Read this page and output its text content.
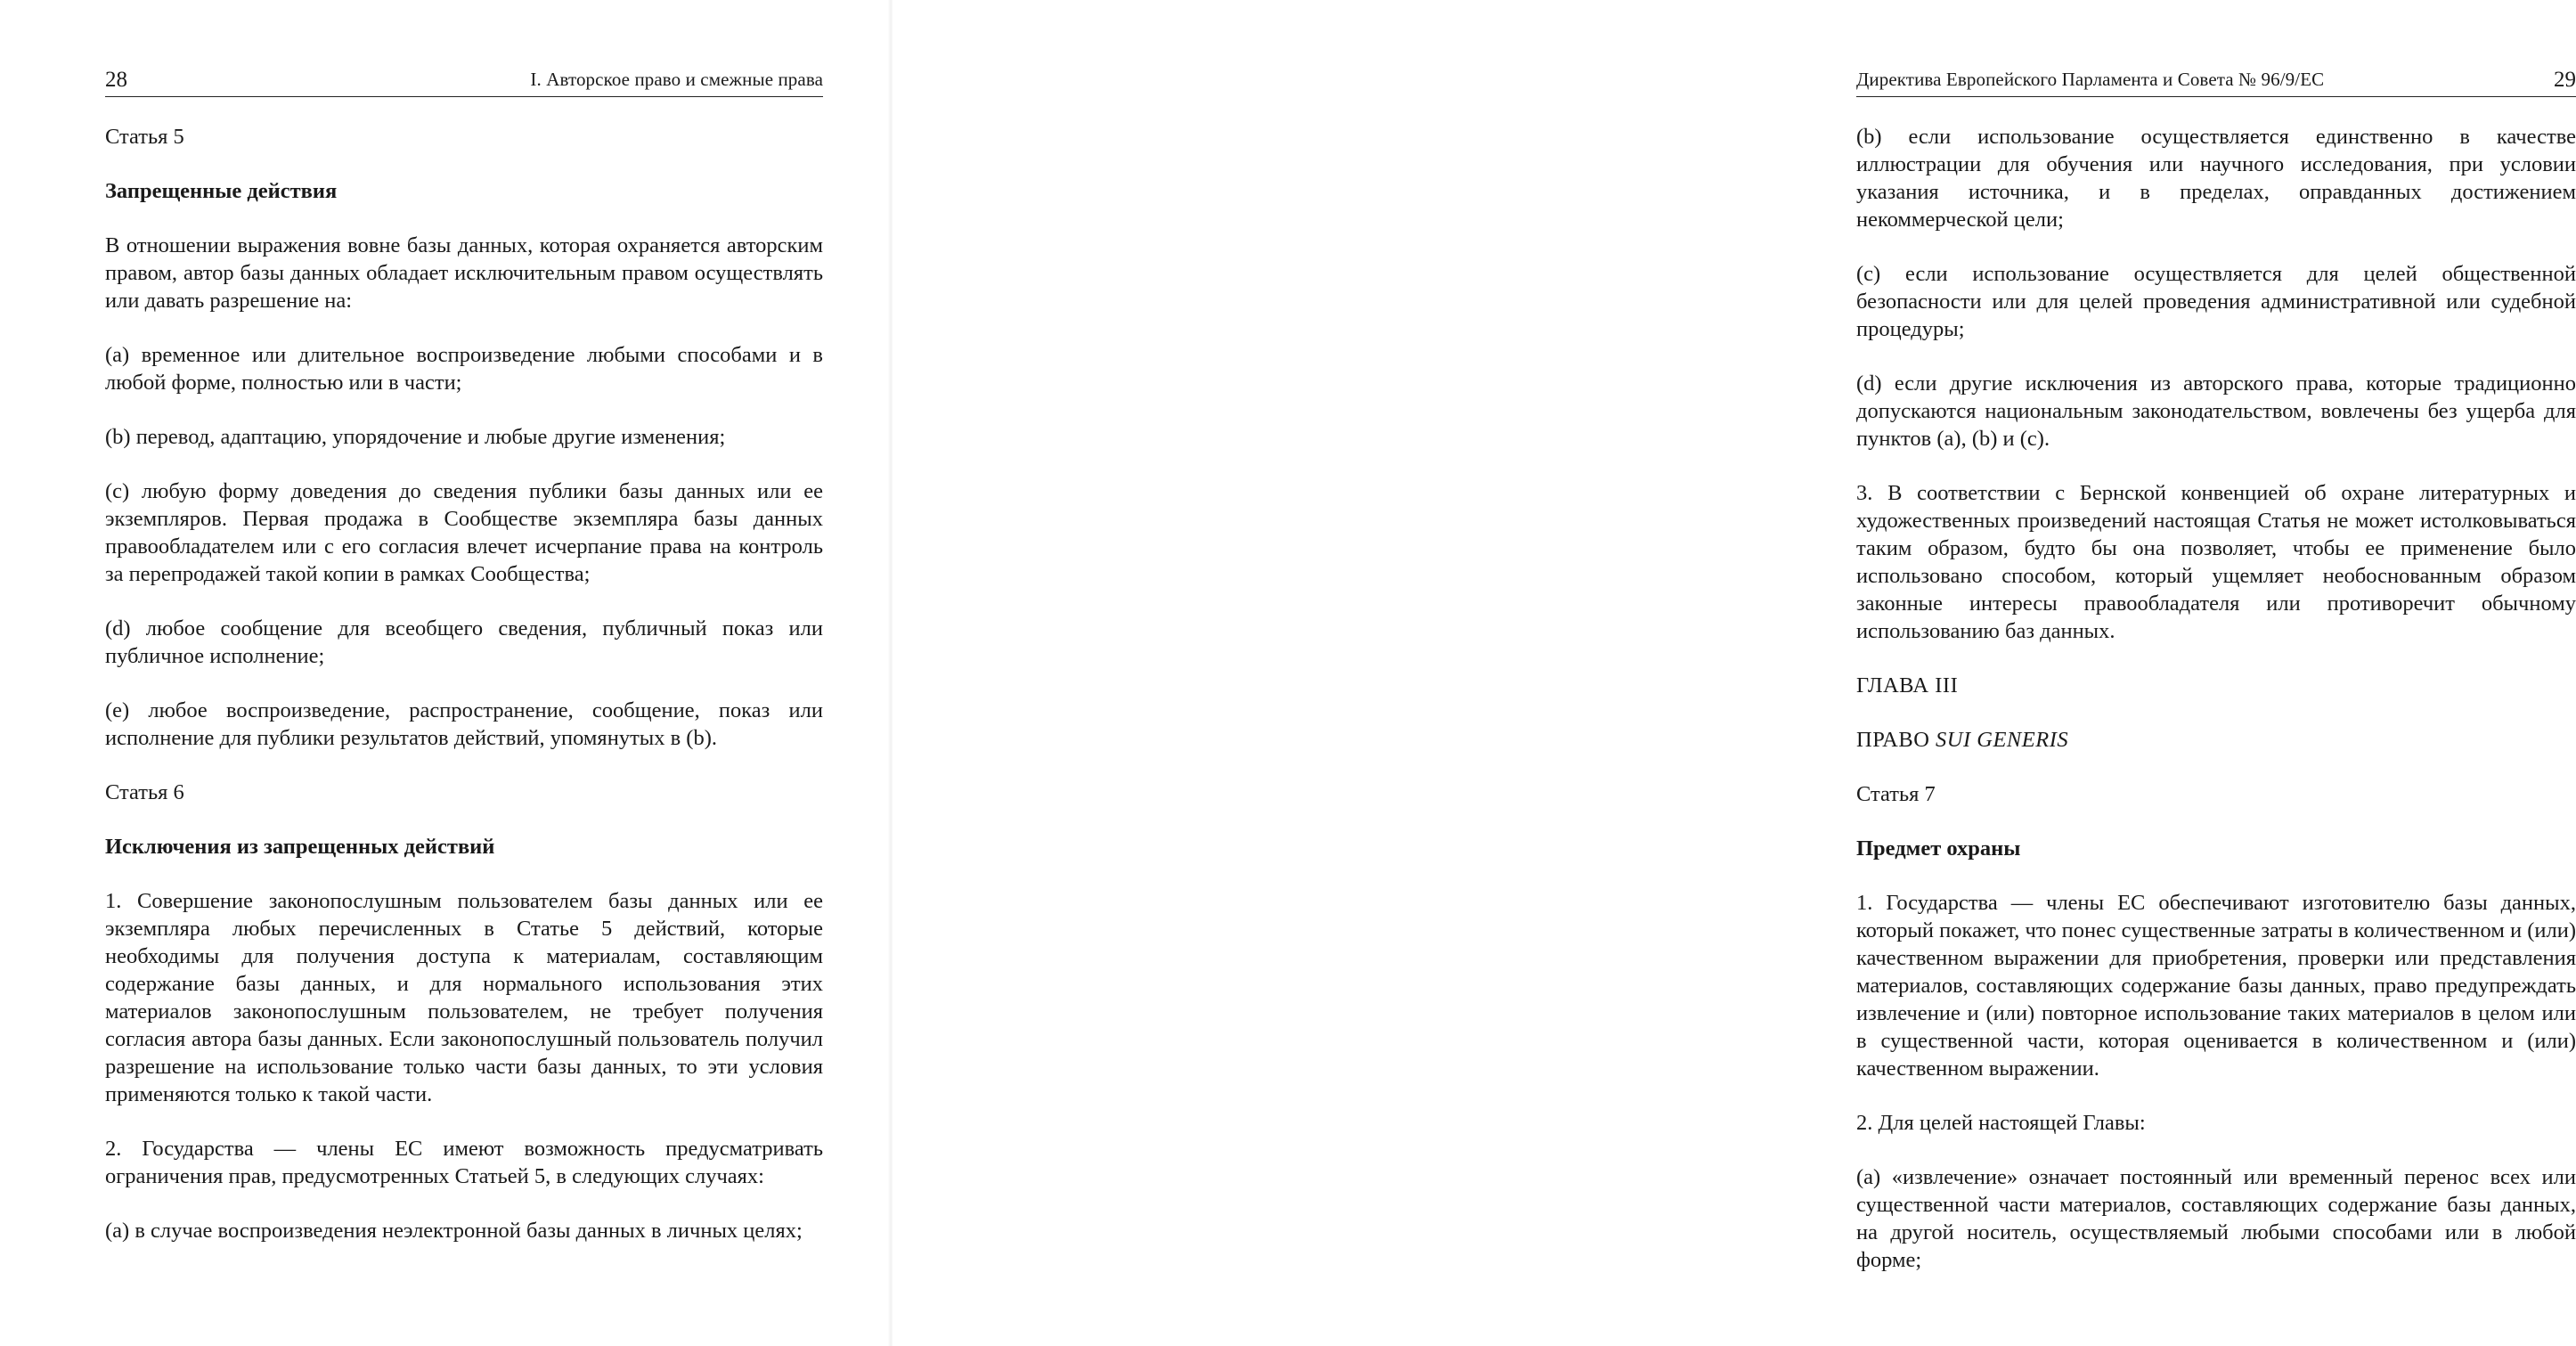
28	I. Авторское право и смежные права

Статья 5

Запрещенные действия

В отношении выражения вовне базы данных, которая охраняется авторским правом, автор базы данных обладает исключительным правом осуществлять или давать разрешение на:

(а) временное или длительное воспроизведение любыми способами и в любой форме, полностью или в части;

(b) перевод, адаптацию, упорядочение и любые другие изменения;

(с) любую форму доведения до сведения публики базы данных или ее экземпляров. Первая продажа в Сообществе экземпляра базы данных правообладателем или с его согласия влечет исчерпание права на контроль за перепродажей такой копии в рамках Сообщества;

(d) любое сообщение для всеобщего сведения, публичный показ или публичное исполнение;

(е) любое воспроизведение, распространение, сообщение, показ или исполнение для публики результатов действий, упомянутых в (b).

Статья 6

Исключения из запрещенных действий

1. Совершение законопослушным пользователем базы данных или ее экземпляра любых перечисленных в Статье 5 действий, которые необходимы для получения доступа к материалам, составляющим содержание базы данных, и для нормального использования этих материалов законопослушным пользователем, не требует получения согласия автора базы данных. Если законопослушный пользователь получил разрешение на использование только части базы данных, то эти условия применяются только к такой части.

2. Государства — члены ЕС имеют возможность предусматривать ограничения прав, предусмотренных Статьей 5, в следующих случаях:

(а) в случае воспроизведения неэлектронной базы данных в личных целях;

Директива Европейского Парламента и Совета № 96/9/ЕС	29

(b) если использование осуществляется единственно в качестве иллюстрации для обучения или научного исследования, при условии указания источника, и в пределах, оправданных достижением некоммерческой цели;

(с) если использование осуществляется для целей общественной безопасности или для целей проведения административной или судебной процедуры;

(d) если другие исключения из авторского права, которые традиционно допускаются национальным законодательством, вовлечены без ущерба для пунктов (а), (b) и (с).

3. В соответствии с Бернской конвенцией об охране литературных и художественных произведений настоящая Статья не может истолковываться таким образом, будто бы она позволяет, чтобы ее применение было использовано способом, который ущемляет необоснованным образом законные интересы правообладателя или противоречит обычному использованию баз данных.

ГЛАВА III

ПРАВО SUI GENERIS

Статья 7

Предмет охраны

1. Государства — члены ЕС обеспечивают изготовителю базы данных, который покажет, что понес существенные затраты в количественном и (или) качественном выражении для приобретения, проверки или представления материалов, составляющих содержание базы данных, право предупреждать извлечение и (или) повторное использование таких материалов в целом или в существенной части, которая оценивается в количественном и (или) качественном выражении.

2. Для целей настоящей Главы:

(а) «извлечение» означает постоянный или временный перенос всех или существенной части материалов, составляющих содержание базы данных, на другой носитель, осуществляемый любыми способами или в любой форме;
